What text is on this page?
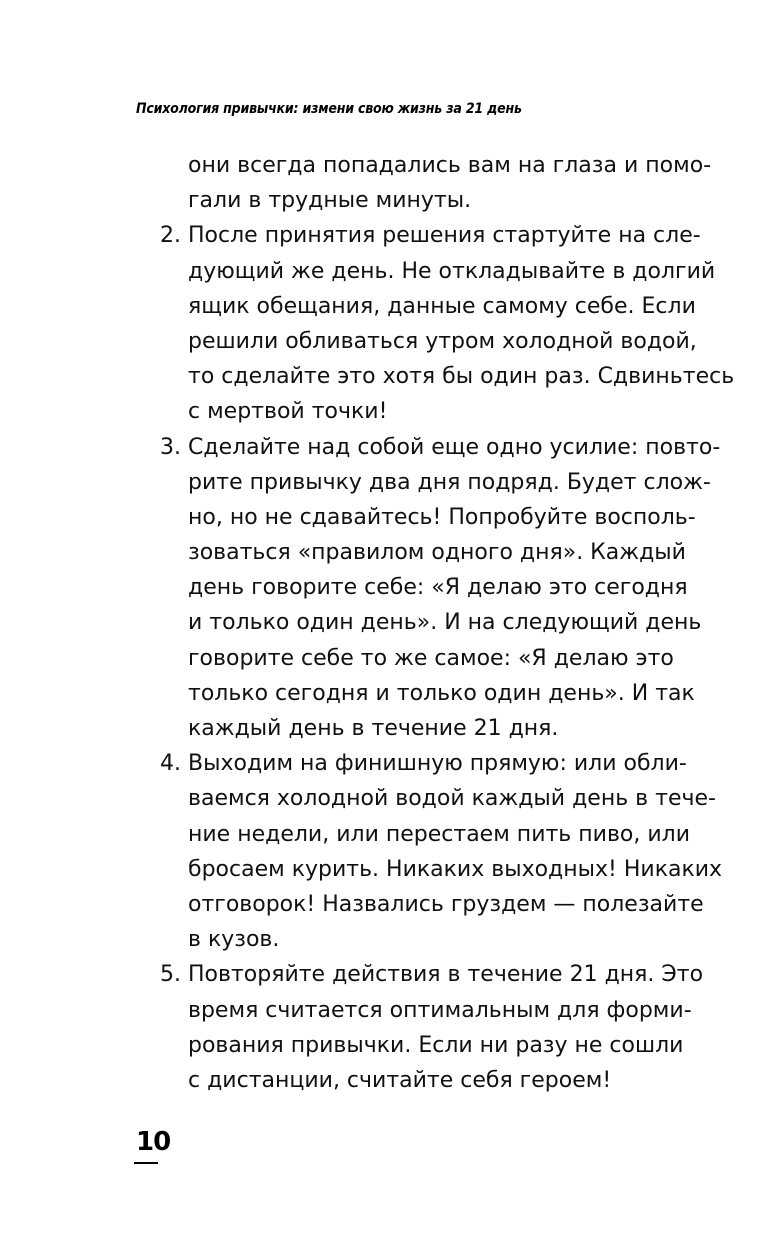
Психология привычки: измени свою жизнь за 21 день
они всегда попадались вам на глаза и помо-
гали в трудные минуты.
2. После принятия решения стартуйте на сле-
дующий же день. Не откладывайте в долгий
ящик обещания, данные самому себе. Если
решили обливаться утром холодной водой,
то сделайте это хотя бы один раз. Сдвиньтесь
с мертвой точки!
3. Сделайте над собой еще одно усилие: повто-
рите привычку два дня подряд. Будет слож-
но, но не сдавайтесь! Попробуйте восполь-
зоваться «правилом одного дня». Каждый
день говорите себе: «Я делаю это сегодня
и только один день». И на следующий день
говорите себе то же самое: «Я делаю это
только сегодня и только один день». И так
каждый день в течение 21 дня.
4. Выходим на финишную прямую: или обли-
ваемся холодной водой каждый день в тече-
ние недели, или перестаем пить пиво, или
бросаем курить. Никаких выходных! Никаких
отговорок! Назвались груздем — полезайте
в кузов.
5. Повторяйте действия в течение 21 дня. Это
время считается оптимальным для форми-
рования привычки. Если ни разу не сошли
с дистанции, считайте себя героем!
10
